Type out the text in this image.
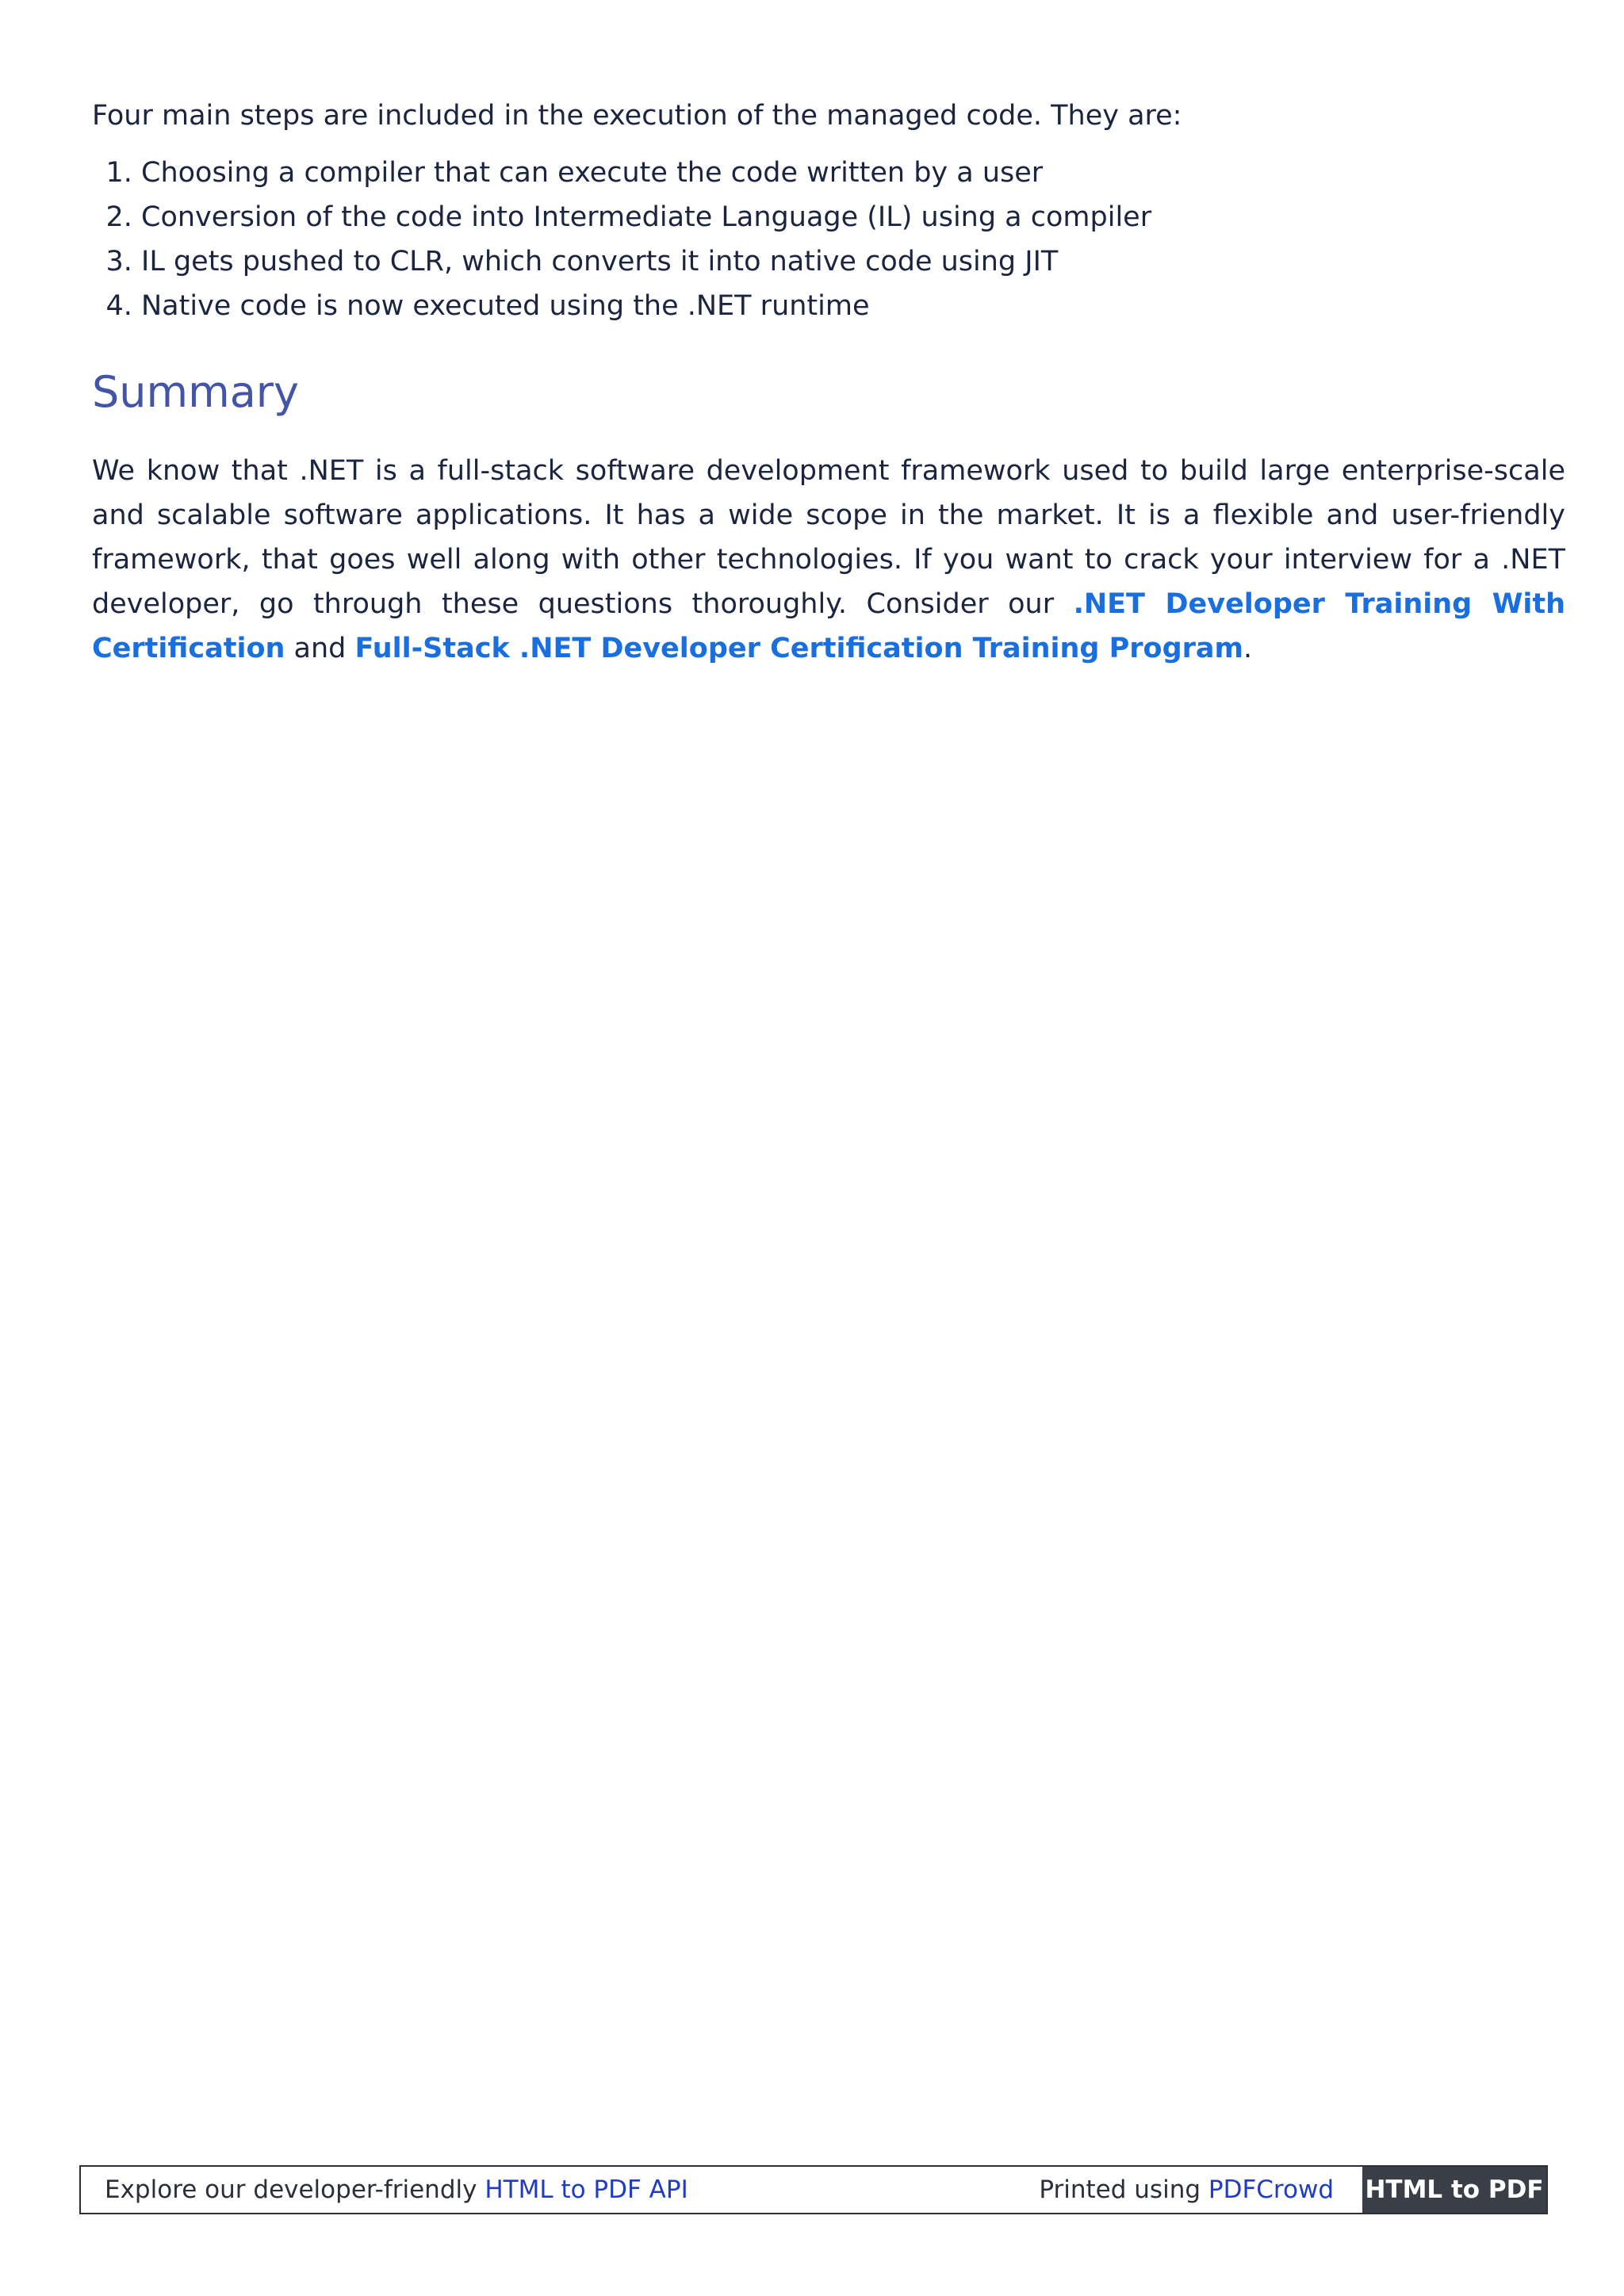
Four main steps are included in the execution of the managed code. They are:

1. Choosing a compiler that can execute the code written by a user
2. Conversion of the code into Intermediate Language (IL) using a compiler
3. IL gets pushed to CLR, which converts it into native code using JIT
4. Native code is now executed using the .NET runtime
Summary

We know that .NET is a full-stack software development framework used to build large enterprise-scale and scalable software applications. It has a wide scope in the market. It is a flexible and user-friendly framework, that goes well along with other technologies. If you want to crack your interview for a .NET developer, go through these questions thoroughly. Consider our .NET Developer Training With Certification and Full-Stack .NET Developer Certification Training Program.

Explore our developer-friendly
HTML to PDF API	Printed using
PDFCrowd HTML to PDF
